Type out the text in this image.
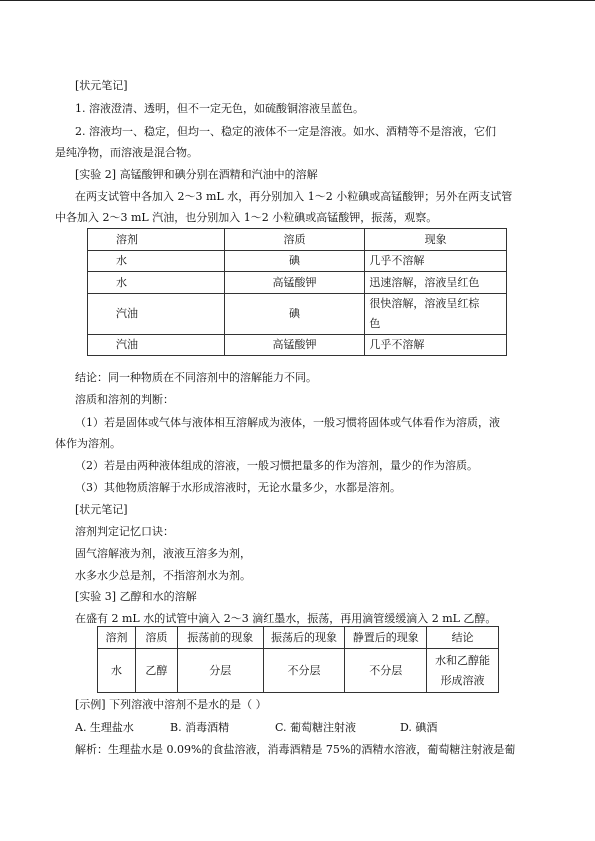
[状元笔记]
1. 溶液澄清、透明，但不一定无色，如硫酸铜溶液呈蓝色。
2. 溶液均一、稳定，但均一、稳定的液体不一定是溶液。如水、酒精等不是溶液，它们
是纯净物，而溶液是混合物。
[实验 2] 高锰酸钾和碘分别在酒精和汽油中的溶解
在两支试管中各加入 2～3 mL 水，再分别加入 1～2 小粒碘或高锰酸钾；另外在两支试管
中各加入 2～3 mL 汽油，也分别加入 1～2 小粒碘或高锰酸钾，振荡，观察。
溶剂	溶质	现象
水	碘	几乎不溶解
水	高锰酸钾	迅速溶解，溶液呈红色
汽油	碘	很快溶解，溶液呈红棕
色

汽油	高锰酸钾	几乎不溶解
结论：同一种物质在不同溶剂中的溶解能力不同。
溶质和溶剂的判断：
（1）若是固体或气体与液体相互溶解成为液体，一般习惯将固体或气体看作为溶质，液
体作为溶剂。
（2）若是由两种液体组成的溶液，一般习惯把量多的作为溶剂，量少的作为溶质。
（3）其他物质溶解于水形成溶液时，无论水量多少，水都是溶剂。
[状元笔记]
溶剂判定记忆口诀：
固气溶解液为剂，液液互溶多为剂，
水多水少总是剂，不指溶剂水为剂。
[实验 3] 乙醇和水的溶解
在盛有 2 mL 水的试管中滴入 2～3 滴红墨水，振荡，再用滴管缓缓滴入 2 mL 乙醇。
溶剂	溶质	振荡前的现象	振荡后的现象	静置后的现象	结论
水	乙醇	分层	不分层	不分层	水和乙醇能
形成溶液
[示例] 下列溶液中溶剂不是水的是（ ）
A. 生理盐水	B. 消毒酒精	C. 葡萄糖注射液	D. 碘酒
解析：生理盐水是 0.09%的食盐溶液，消毒酒精是 75%的酒精水溶液，葡萄糖注射液是葡
